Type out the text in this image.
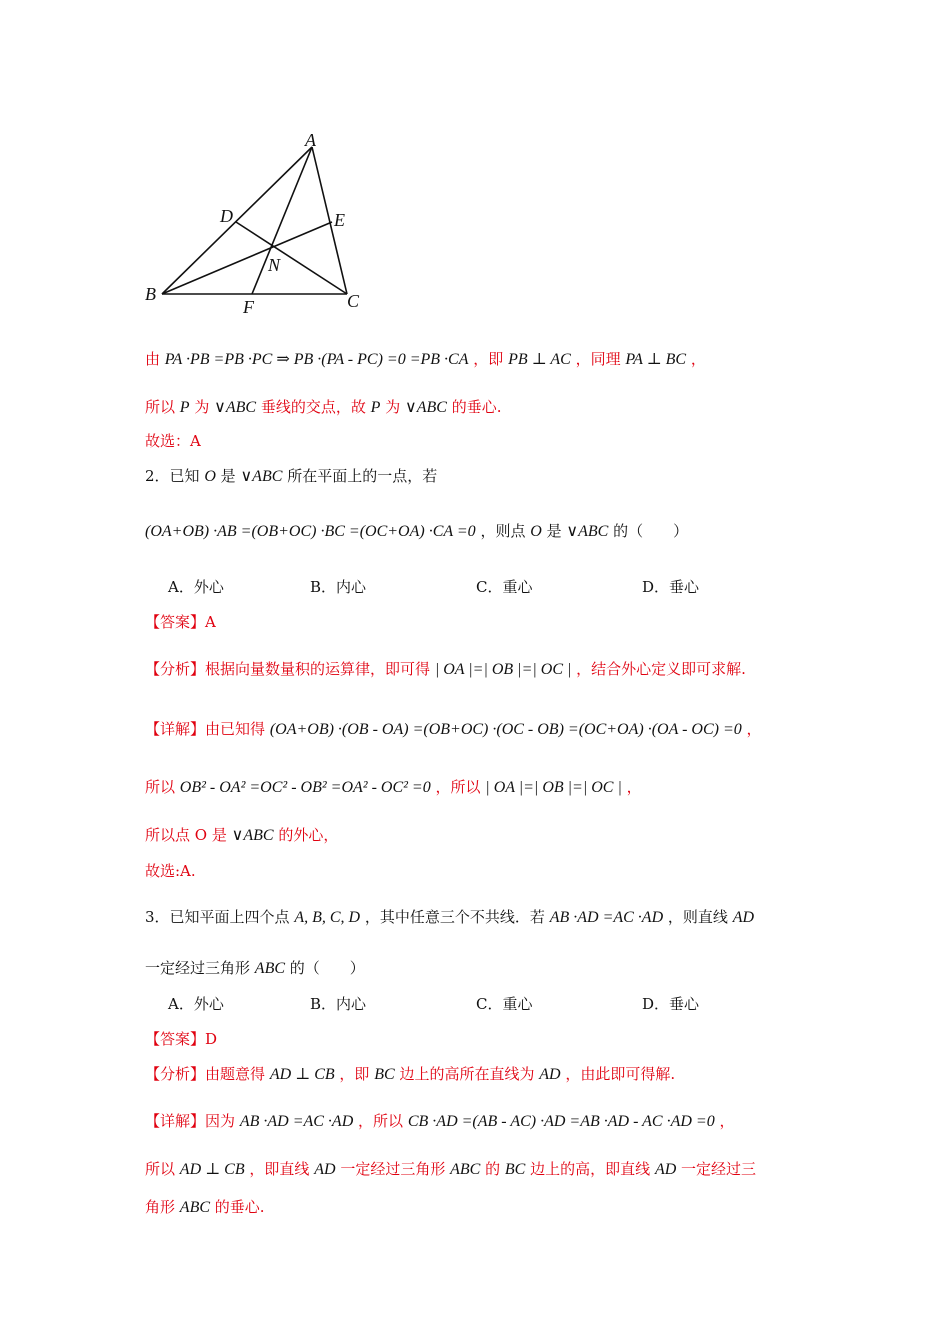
A
B	C
D	E
F
N
由 PA ·PB =PB ·PC ⇒ PB ·(PA - PC) =0 =PB ·CA ，即 PB ⊥ AC ，同理 PA ⊥ BC ，
所以 P 为 ∨ABC 垂线的交点，故 P 为 ∨ABC 的垂心.
故选：A
2．已知 O 是 ∨ABC 所在平面上的一点，若
(OA+OB) ·AB =(OB+OC) ·BC =(OC+OA) ·CA =0 ，则点 O 是 ∨ABC 的（　　）
A．外心	B．内心	C．重心	D．垂心
【答案】A
【分析】根据向量数量积的运算律，即可得 | OA |=| OB |=| OC | ，结合外心定义即可求解.
【详解】由已知得 (OA+OB) ·(OB - OA) =(OB+OC) ·(OC - OB) =(OC+OA) ·(OA - OC) =0 ，
所以 OB² - OA² =OC² - OB² =OA² - OC² =0 ，所以 | OA |=| OB |=| OC | ，
所以点 O 是 ∨ABC 的外心，
故选:A.
3．已知平面上四个点 A, B, C, D ，其中任意三个不共线．若 AB ·AD =AC ·AD ，则直线 AD
一定经过三角形 ABC 的（　　）
A．外心	B．内心	C．重心	D．垂心
【答案】D
【分析】由题意得 AD ⊥ CB ，即 BC 边上的高所在直线为 AD ，由此即可得解.
【详解】因为 AB ·AD =AC ·AD ，所以 CB ·AD =(AB - AC) ·AD =AB ·AD - AC ·AD =0 ，
所以 AD ⊥ CB ，即直线 AD 一定经过三角形 ABC 的 BC 边上的高，即直线 AD 一定经过三
角形 ABC 的垂心.
